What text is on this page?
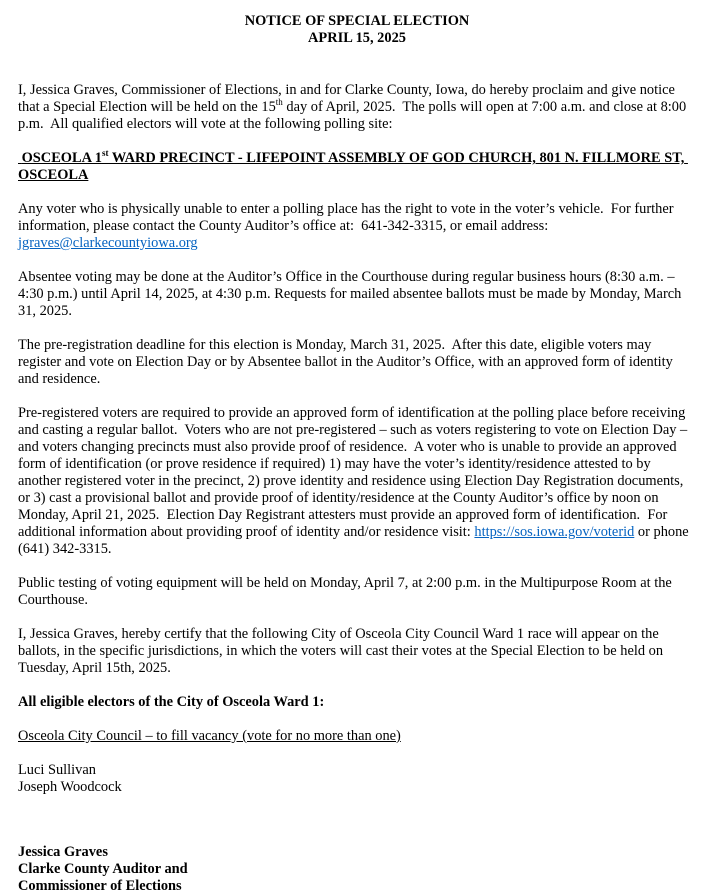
NOTICE OF SPECIAL ELECTION
APRIL 15, 2025

I, Jessica Graves, Commissioner of Elections, in and for Clarke County, Iowa, do hereby proclaim and give notice that a Special Election will be held on the 15th day of April, 2025.  The polls will open at 7:00 a.m. and close at 8:00 p.m.  All qualified electors will vote at the following polling site:

OSCEOLA 1st WARD PRECINCT - LIFEPOINT ASSEMBLY OF GOD CHURCH, 801 N. FILLMORE ST, OSCEOLA

Any voter who is physically unable to enter a polling place has the right to vote in the voter’s vehicle.  For further information, please contact the County Auditor’s office at:  641-342-3315, or email address: jgraves@clarkecountyiowa.org

Absentee voting may be done at the Auditor’s Office in the Courthouse during regular business hours (8:30 a.m. – 4:30 p.m.) until April 14, 2025, at 4:30 p.m. Requests for mailed absentee ballots must be made by Monday, March 31, 2025.

The pre-registration deadline for this election is Monday, March 31, 2025.  After this date, eligible voters may register and vote on Election Day or by Absentee ballot in the Auditor’s Office, with an approved form of identity and residence.

Pre-registered voters are required to provide an approved form of identification at the polling place before receiving and casting a regular ballot.  Voters who are not pre-registered – such as voters registering to vote on Election Day – and voters changing precincts must also provide proof of residence.  A voter who is unable to provide an approved form of identification (or prove residence if required) 1) may have the voter’s identity/residence attested to by another registered voter in the precinct, 2) prove identity and residence using Election Day Registration documents, or 3) cast a provisional ballot and provide proof of identity/residence at the County Auditor’s office by noon on Monday, April 21, 2025.  Election Day Registrant attesters must provide an approved form of identification.  For additional information about providing proof of identity and/or residence visit: https://sos.iowa.gov/voterid or phone (641) 342-3315.

Public testing of voting equipment will be held on Monday, April 7, at 2:00 p.m. in the Multipurpose Room at the Courthouse.

I, Jessica Graves, hereby certify that the following City of Osceola City Council Ward 1 race will appear on the ballots, in the specific jurisdictions, in which the voters will cast their votes at the Special Election to be held on Tuesday, April 15th, 2025.

All eligible electors of the City of Osceola Ward 1:

Osceola City Council – to fill vacancy (vote for no more than one)

Luci Sullivan
Joseph Woodcock
Jessica Graves
Clarke County Auditor and
Commissioner of Elections
